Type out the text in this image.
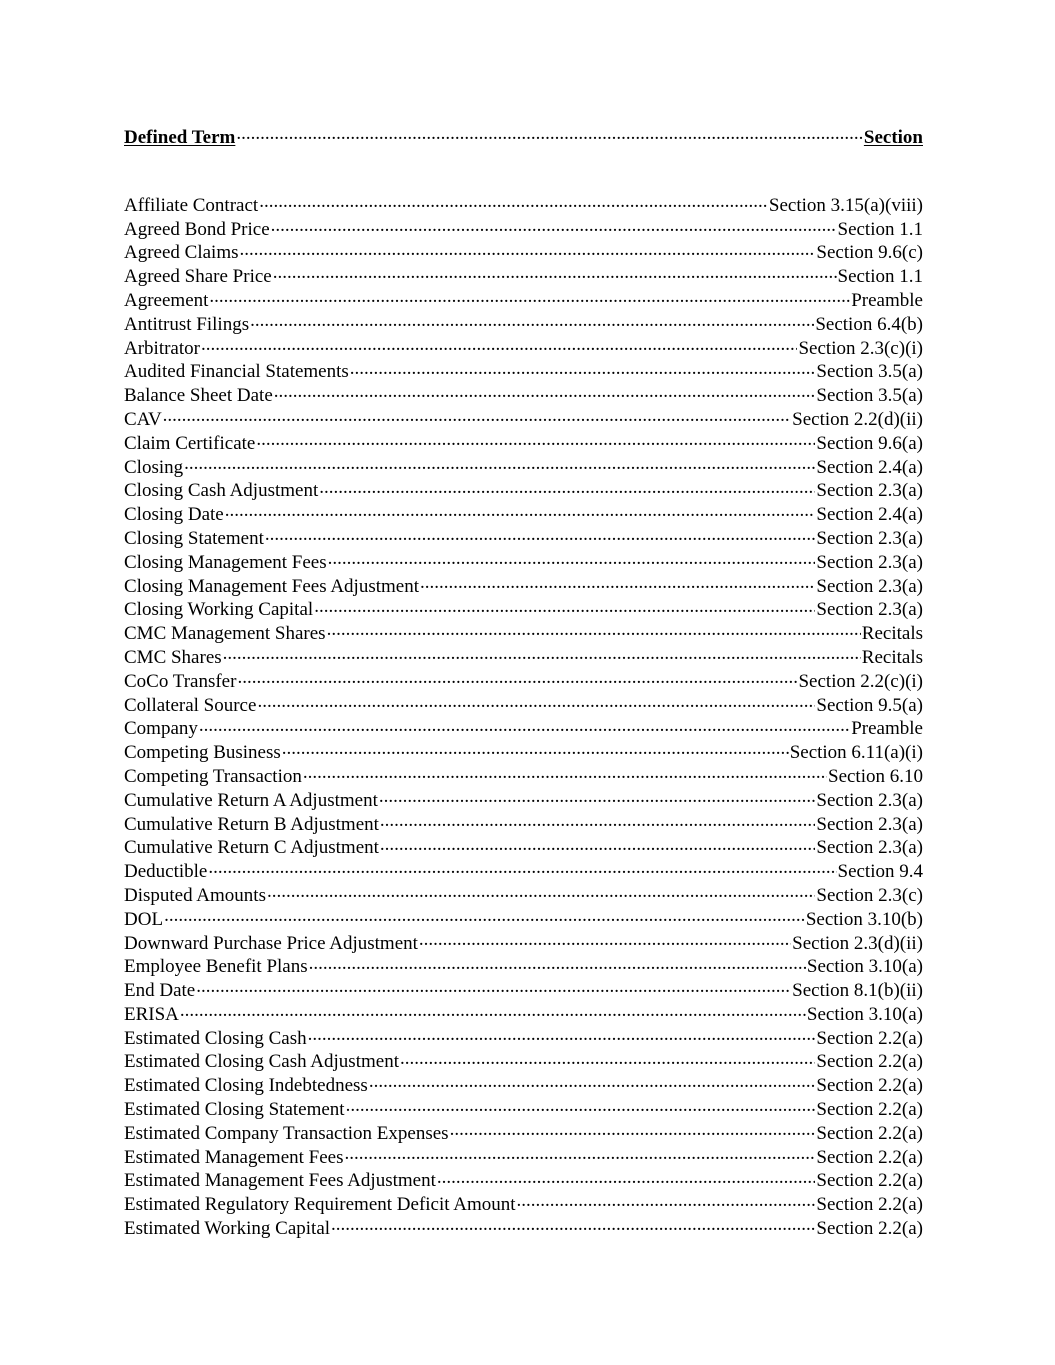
Defined Term .....	Section
Affiliate Contract .....	Section 3.15(a)(viii)
Agreed Bond Price .....	Section 1.1
Agreed Claims .....	Section 9.6(c)
Agreed Share Price .....	Section 1.1
Agreement .....	Preamble
Antitrust Filings .....	Section 6.4(b)
Arbitrator .....	Section 2.3(c)(i)
Audited Financial Statements .....	Section 3.5(a)
Balance Sheet Date .....	Section 3.5(a)
CAV .....	Section 2.2(d)(ii)
Claim Certificate .....	Section 9.6(a)
Closing .....	Section 2.4(a)
Closing Cash Adjustment .....	Section 2.3(a)
Closing Date .....	Section 2.4(a)
Closing Statement .....	Section 2.3(a)
Closing Management Fees .....	Section 2.3(a)
Closing Management Fees Adjustment .....	Section 2.3(a)
Closing Working Capital .....	Section 2.3(a)
CMC Management Shares .....	Recitals
CMC Shares .....	Recitals
CoCo Transfer .....	Section 2.2(c)(i)
Collateral Source .....	Section 9.5(a)
Company .....	Preamble
Competing Business .....	Section 6.11(a)(i)
Competing Transaction .....	Section 6.10
Cumulative Return A Adjustment .....	Section 2.3(a)
Cumulative Return B Adjustment .....	Section 2.3(a)
Cumulative Return C Adjustment .....	Section 2.3(a)
Deductible .....	Section 9.4
Disputed Amounts .....	Section 2.3(c)
DOL .....	Section 3.10(b)
Downward Purchase Price Adjustment .....	Section 2.3(d)(ii)
Employee Benefit Plans .....	Section 3.10(a)
End Date .....	Section 8.1(b)(ii)
ERISA .....	Section 3.10(a)
Estimated Closing Cash .....	Section 2.2(a)
Estimated Closing Cash Adjustment .....	Section 2.2(a)
Estimated Closing Indebtedness .....	Section 2.2(a)
Estimated Closing Statement .....	Section 2.2(a)
Estimated Company Transaction Expenses .....	Section 2.2(a)
Estimated Management Fees .....	Section 2.2(a)
Estimated Management Fees Adjustment .....	Section 2.2(a)
Estimated Regulatory Requirement Deficit Amount .....	Section 2.2(a)
Estimated Working Capital .....	Section 2.2(a)
